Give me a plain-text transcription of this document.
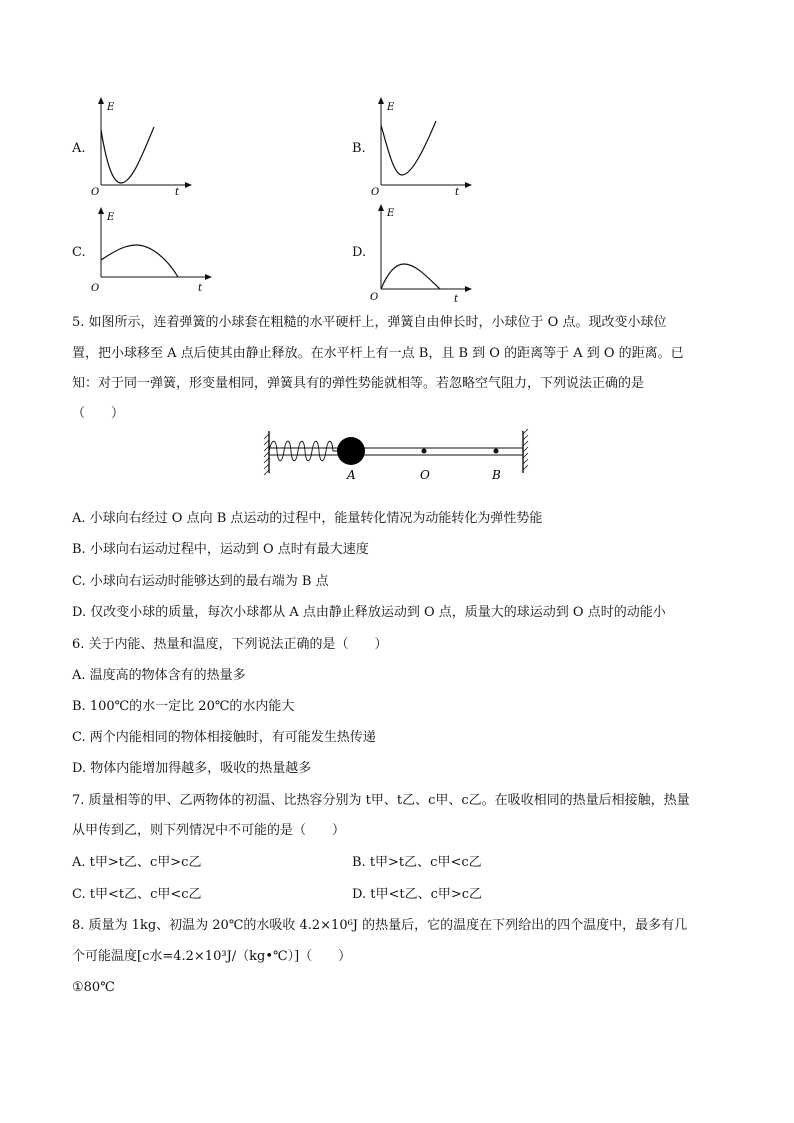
A.
E
t
O
B.
E
t
O
C.
E
t
O
D.
E
t
O
5. 如图所示，连着弹簧的小球套在粗糙的水平硬杆上，弹簧自由伸长时，小球位于 O 点。现改变小球位
置，把小球移至 A 点后使其由静止释放。在水平杆上有一点 B，且 B 到 O 的距离等于 A 到 O 的距离。已
知：对于同一弹簧，形变量相同，弹簧具有的弹性势能就相等。若忽略空气阻力，下列说法正确的是
（　　）
A	O	B
A. 小球向右经过 O 点向 B 点运动的过程中，能量转化情况为动能转化为弹性势能
B. 小球向右运动过程中，运动到 O 点时有最大速度
C. 小球向右运动时能够达到的最右端为 B 点
D. 仅改变小球的质量，每次小球都从 A 点由静止释放运动到 O 点，质量大的球运动到 O 点时的动能小
6. 关于内能、热量和温度，下列说法正确的是（　　）
A. 温度高的物体含有的热量多
B. 100℃的水一定比 20℃的水内能大
C. 两个内能相同的物体相接触时，有可能发生热传递
D. 物体内能增加得越多，吸收的热量越多
7. 质量相等的甲、乙两物体的初温、比热容分别为 t甲、t乙、c甲、c乙。在吸收相同的热量后相接触，热量
从甲传到乙，则下列情况中不可能的是（　　）
A. t甲>t乙、c甲>c乙	B. t甲>t乙、c甲<c乙
C. t甲<t乙、c甲<c乙	D. t甲<t乙、c甲>c乙
8. 质量为 1kg、初温为 20℃的水吸收 4.2×10⁶J 的热量后，它的温度在下列给出的四个温度中，最多有几
个可能温度[c水=4.2×10³J/（kg•℃）]（　　）
①80℃
